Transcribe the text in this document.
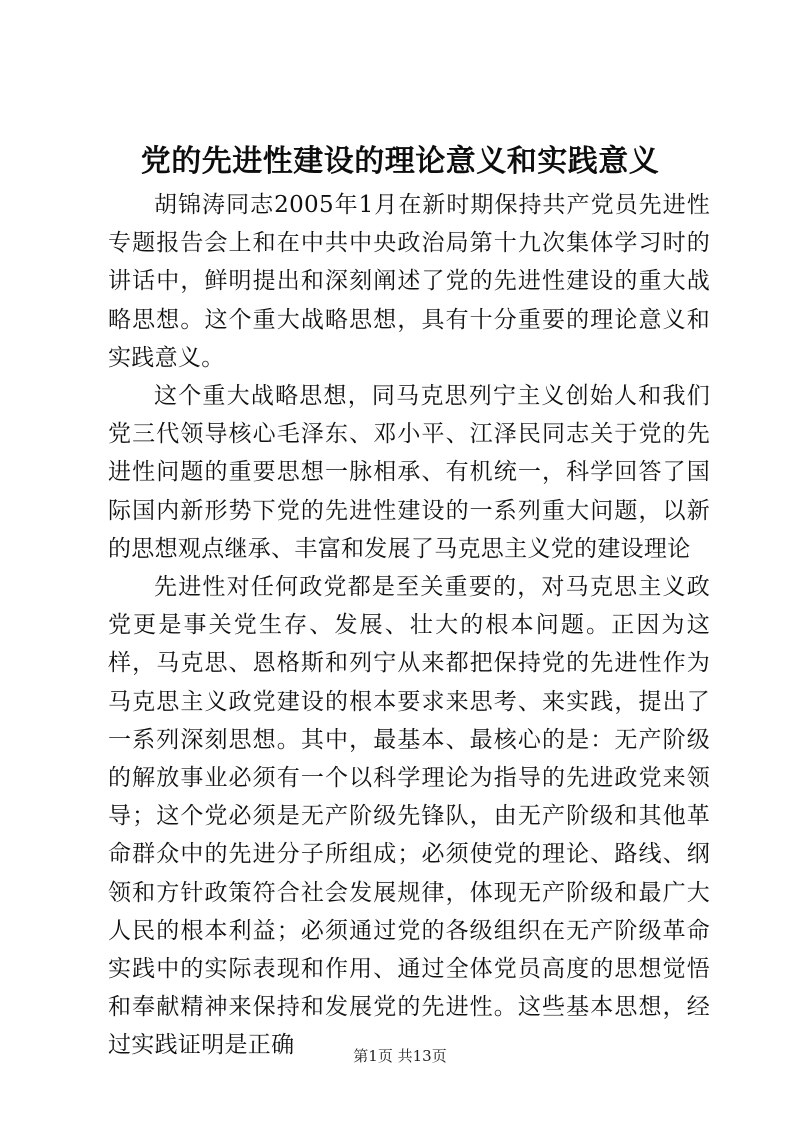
党的先进性建设的理论意义和实践意义

胡锦涛同志2005年1月在新时期保持共产党员先进性专题报告会上和在中共中央政治局第十九次集体学习时的讲话中，鲜明提出和深刻阐述了党的先进性建设的重大战略思想。这个重大战略思想，具有十分重要的理论意义和实践意义。

这个重大战略思想，同马克思列宁主义创始人和我们党三代领导核心毛泽东、邓小平、江泽民同志关于党的先进性问题的重要思想一脉相承、有机统一，科学回答了国际国内新形势下党的先进性建设的一系列重大问题，以新的思想观点继承、丰富和发展了马克思主义党的建设理论

先进性对任何政党都是至关重要的，对马克思主义政党更是事关党生存、发展、壮大的根本问题。正因为这样，马克思、恩格斯和列宁从来都把保持党的先进性作为马克思主义政党建设的根本要求来思考、来实践，提出了一系列深刻思想。其中，最基本、最核心的是：无产阶级的解放事业必须有一个以科学理论为指导的先进政党来领导；这个党必须是无产阶级先锋队，由无产阶级和其他革命群众中的先进分子所组成；必须使党的理论、路线、纲领和方针政策符合社会发展规律，体现无产阶级和最广大人民的根本利益；必须通过党的各级组织在无产阶级革命实践中的实际表现和作用、通过全体党员高度的思想觉悟和奉献精神来保持和发展党的先进性。这些基本思想，经过实践证明是正确	第1页 共13页
